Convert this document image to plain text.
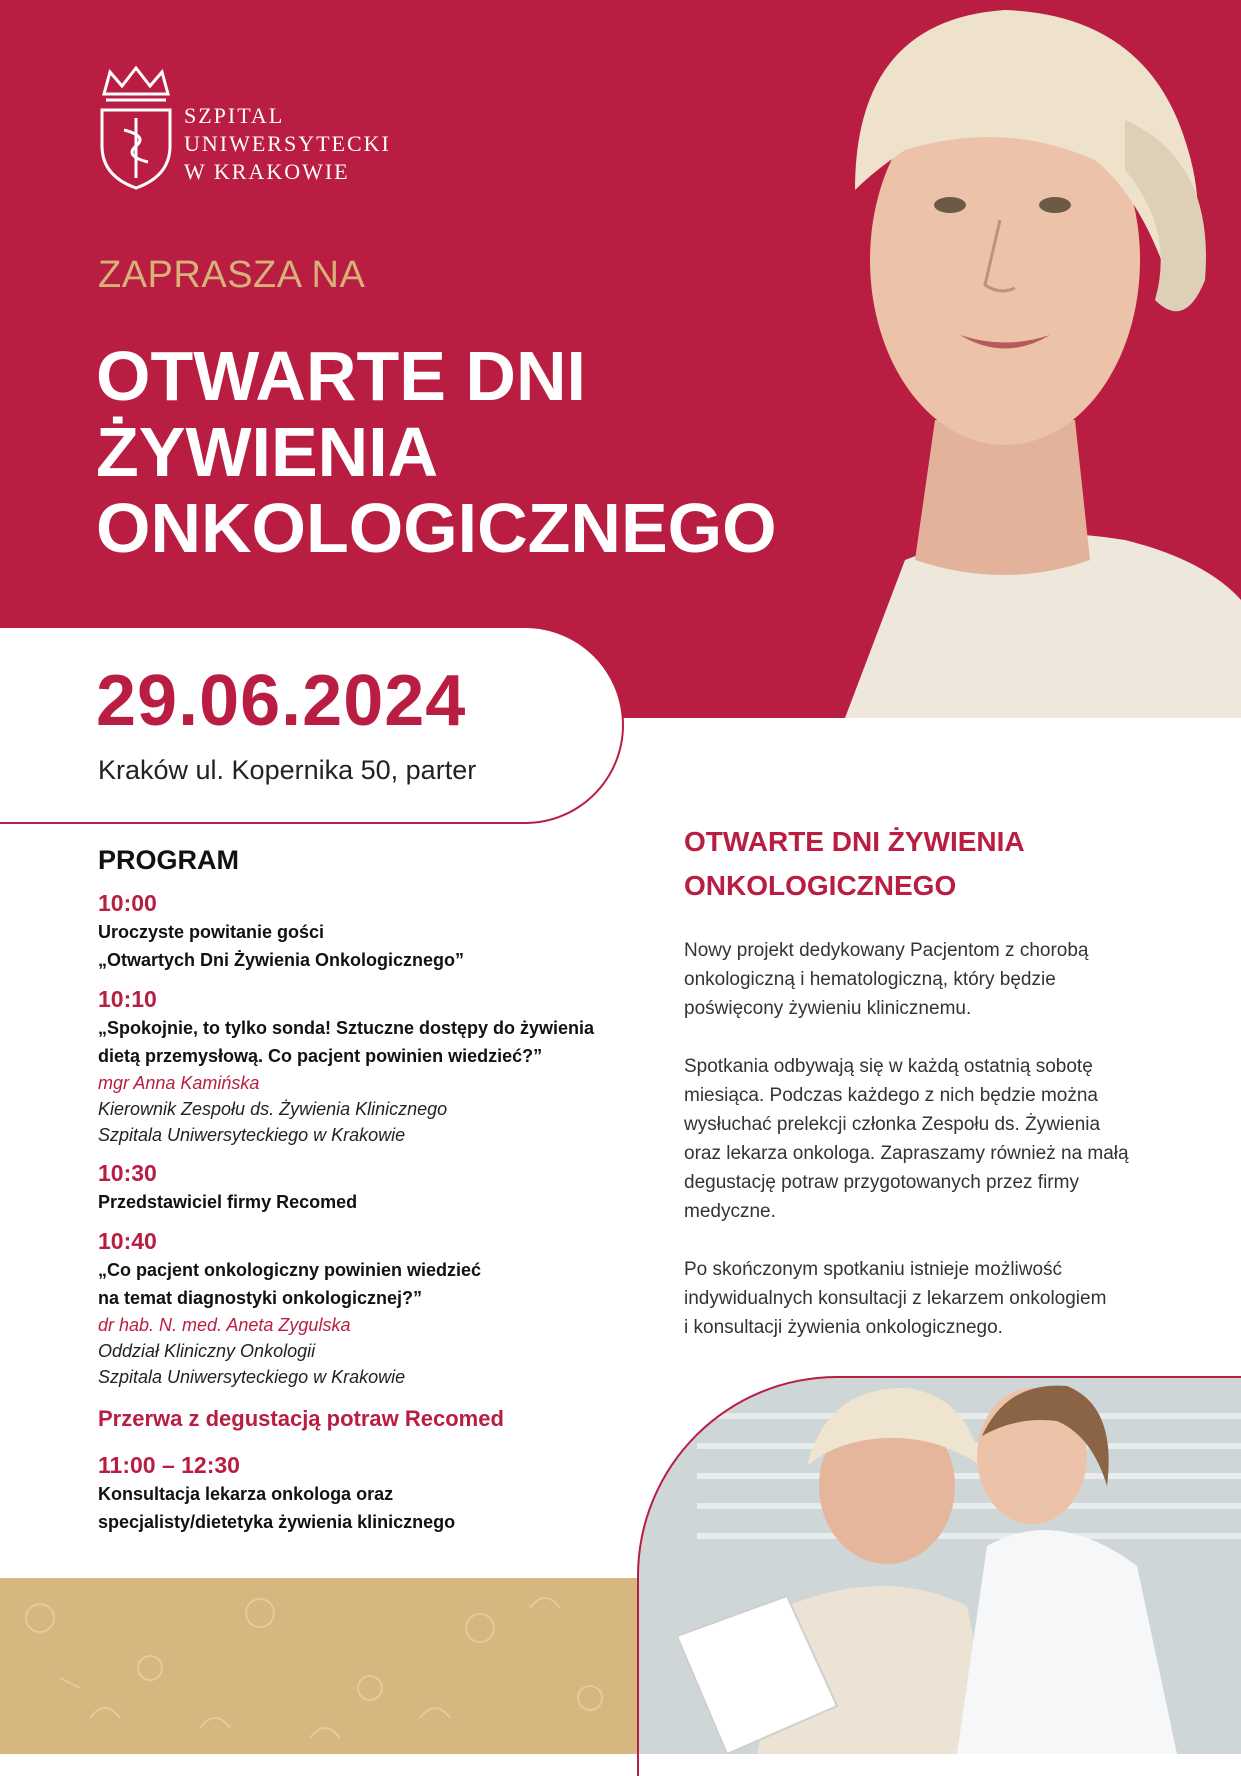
SZPITAL
UNIWERSYTECKI
W KRAKOWIE
ZAPRASZA NA
OTWARTE DNI
ŻYWIENIA
ONKOLOGICZNEGO
29.06.2024
Kraków ul. Kopernika 50, parter
PROGRAM
10:00
Uroczyste powitanie gości
„Otwartych Dni Żywienia Onkologicznego”
10:10
„Spokojnie, to tylko sonda! Sztuczne dostępy do żywienia
dietą przemysłową. Co pacjent powinien wiedzieć?”
mgr Anna Kamińska
Kierownik Zespołu ds. Żywienia Klinicznego
Szpitala Uniwersyteckiego w Krakowie
10:30
Przedstawiciel firmy Recomed
10:40
„Co pacjent onkologiczny powinien wiedzieć
na temat diagnostyki onkologicznej?”
dr hab. N. med. Aneta Zygulska
Oddział Kliniczny Onkologii
Szpitala Uniwersyteckiego w Krakowie
Przerwa z degustacją potraw Recomed
11:00 – 12:30
Konsultacja lekarza onkologa oraz
specjalisty/dietetyka żywienia klinicznego
OTWARTE DNI ŻYWIENIA
ONKOLOGICZNEGO
Nowy projekt dedykowany Pacjentom z chorobą
onkologiczną i hematologiczną, który będzie
poświęcony żywieniu klinicznemu.
Spotkania odbywają się w każdą ostatnią sobotę
miesiąca. Podczas każdego z nich będzie można
wysłuchać prelekcji członka Zespołu ds. Żywienia
oraz lekarza onkologa. Zapraszamy również na małą
degustację potraw przygotowanych przez firmy
medyczne.
Po skończonym spotkaniu istnieje możliwość
indywidualnych konsultacji z lekarzem onkologiem
i konsultacji żywienia onkologicznego.
